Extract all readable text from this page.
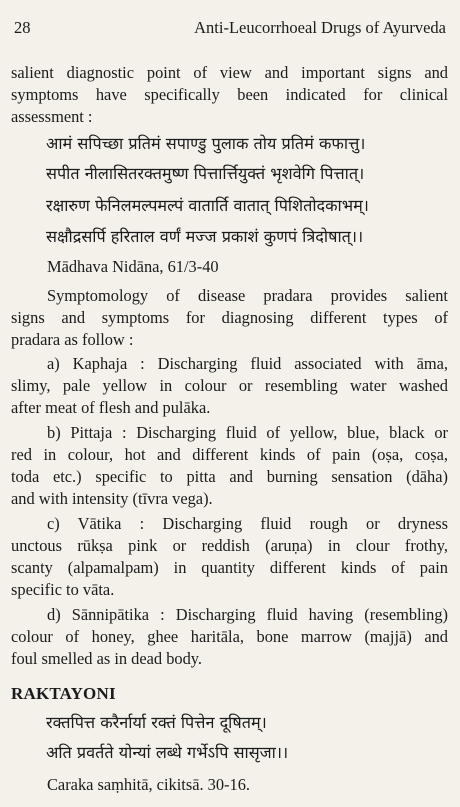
28	Anti-Leucorrhoeal Drugs of Ayurveda
salient diagnostic point of view and important signs and
symptoms have specifically been indicated for clinical
assessment :
आमं सपिच्छा प्रतिमं सपाण्डु पुलाक तोय प्रतिमं कफात्तु।
सपीत नीलासितरक्तमुष्ण पित्तार्त्तियुक्तं भृशवेगि पित्तात्।
रक्षारुण फेनिलमल्पमल्पं वातार्ति वातात् पिशितोदकाभम्।
सक्षौद्रसर्पि हरिताल वर्णं मज्ज प्रकाशं कुणपं त्रिदोषात्।।
Mādhava Nidāna, 61/3-40
Symptomology of disease pradara provides salient
signs and symptoms for diagnosing different types of
pradara as follow :
a) Kaphaja : Discharging fluid associated with āma,
slimy, pale yellow in colour or resembling water washed
after meat of flesh and pulāka.
b) Pittaja : Discharging fluid of yellow, blue, black or
red in colour, hot and different kinds of pain (oṣa, coṣa,
toda etc.) specific to pitta and burning sensation (dāha)
and with intensity (tīvra vega).
c) Vātika : Discharging fluid rough or dryness
unctous rūkṣa pink or reddish (aruṇa) in clour frothy,
scanty (alpamalpam) in quantity different kinds of pain
specific to vāta.
d) Sānnipātika : Discharging fluid having (resembling)
colour of honey, ghee haritāla, bone marrow (majjā) and
foul smelled as in dead body.
RAKTAYONI
रक्तपित्त करैर्नार्या रक्तं पित्तेन दूषितम्।
अति प्रवर्तते योन्यां लब्धे गर्भेऽपि सासृजा।।
Caraka saṃhitā, cikitsā. 30-16.
